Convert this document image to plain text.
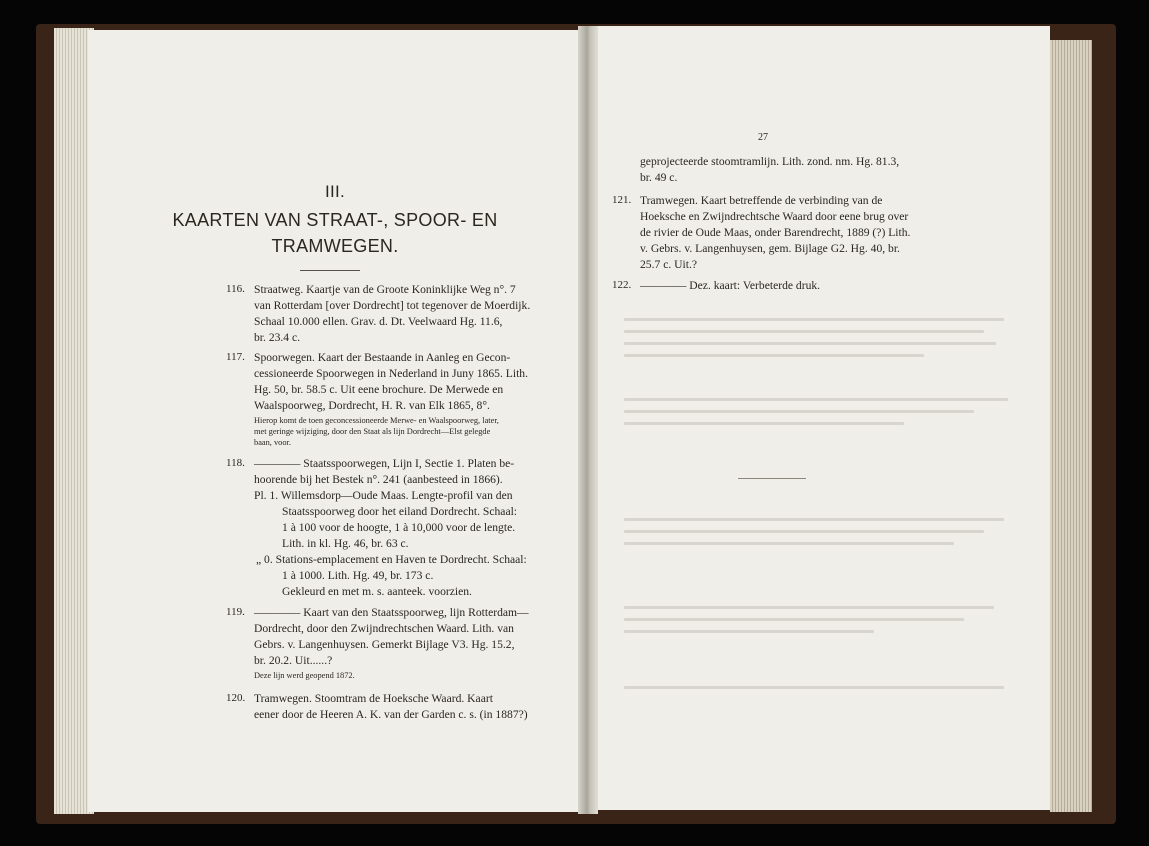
III.
KAARTEN VAN STRAAT-, SPOOR- EN
TRAMWEGEN.
116. Straatweg. Kaartje van de Groote Koninklijke Weg n°. 7
van Rotterdam [over Dordrecht] tot tegenover de Moerdijk.
Schaal 10.000 ellen. Grav. d. Dt. Veelwaard Hg. 11.6,
br. 23.4 c.
117. Spoorwegen. Kaart der Bestaande in Aanleg en Gecon-
cessioneerde Spoorwegen in Nederland in Juny 1865. Lith.
Hg. 50, br. 58.5 c. Uit eene brochure. De Merwede en
Waalspoorweg, Dordrecht, H. R. van Elk 1865, 8°.
Hierop komt de toen geconcessioneerde Merwe- en Waalspoorweg, later,
met geringe wijziging, door den Staat als lijn Dordrecht—Elst gelegde
baan, voor.
118. ———— Staatsspoorwegen, Lijn I, Sectie 1. Platen be-
hoorende bij het Bestek n°. 241 (aanbesteed in 1866).
Pl. 1. Willemsdorp—Oude Maas. Lengte-profil van den
Staatsspoorweg door het eiland Dordrecht. Schaal:
1 à 100 voor de hoogte, 1 à 10,000 voor de lengte.
Lith. in kl. Hg. 46, br. 63 c.
„ 0. Stations-emplacement en Haven te Dordrecht. Schaal:
1 à 1000. Lith. Hg. 49, br. 173 c.
Gekleurd en met m. s. aanteek. voorzien.
119. ———— Kaart van den Staatsspoorweg, lijn Rotterdam—
Dordrecht, door den Zwijndrechtschen Waard. Lith. van
Gebrs. v. Langenhuysen. Gemerkt Bijlage V3. Hg. 15.2,
br. 20.2. Uit......?
Deze lijn werd geopend 1872.
120. Tramwegen. Stoomtram de Hoeksche Waard. Kaart
eener door de Heeren A. K. van der Garden c. s. (in 1887?)
27
geprojecteerde stoomtramlijn. Lith. zond. nm. Hg. 81.3,
br. 49 c.
121. Tramwegen. Kaart betreffende de verbinding van de
Hoeksche en Zwijndrechtsche Waard door eene brug over
de rivier de Oude Maas, onder Barendrecht, 1889 (?) Lith.
v. Gebrs. v. Langenhuysen, gem. Bijlage G2. Hg. 40, br.
25.7 c. Uit.?
122. ———— Dez. kaart: Verbeterde druk.
